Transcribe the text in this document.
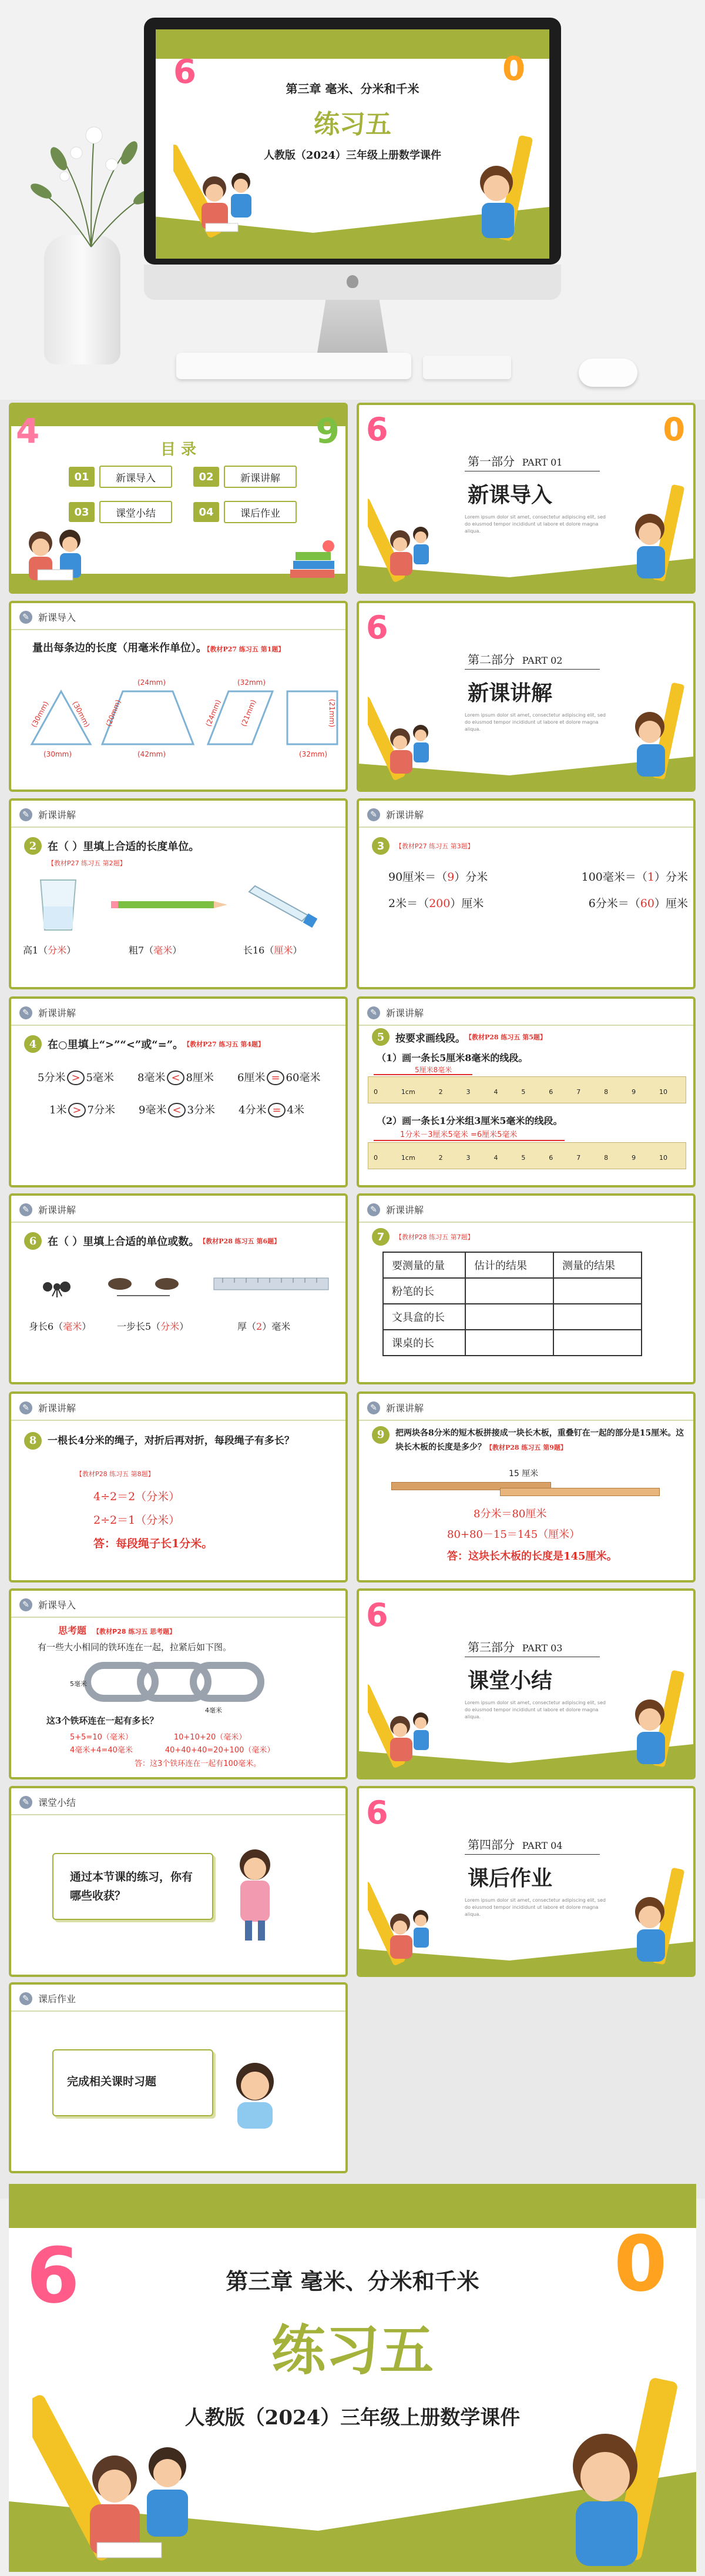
6	0
第三章 毫米、分米和千米
练习五
人教版（2024）三年级上册数学课件
4	9
目 录
01	新课导入	02	新课讲解
03	课堂小结	04	课后作业
6	0
第一部分 PART 01
新课导入
Lorem ipsum dolor sit amet, consectetur adipiscing elit, sed do eiusmod tempor incididunt ut labore et dolore magna aliqua.
✎ 新课导入
量出每条边的长度（用毫米作单位）。【教材P27 练习五 第1题】
(30mm)	(30mm)
(30mm)
(20mm)
(24mm)
(42mm)
(24mm)
(32mm)
(21mm)
(32mm)
(21mm)
6
第二部分 PART 02
新课讲解
Lorem ipsum dolor sit amet, consectetur adipiscing elit, sed do eiusmod tempor incididunt ut labore et dolore magna aliqua.
✎ 新课讲解
2	在（ ）里填上合适的长度单位。
【教材P27 练习五 第2题】
高1（分米）	粗7（毫米）	长16（厘米）
✎ 新课讲解
3	【教材P27 练习五 第3题】
90厘米＝（9）分米	100毫米＝（1）分米
2米＝（200）厘米	6分米＝（60）厘米
✎ 新课讲解
4	在○里填上“>”“<”或“=”。 【教材P27 练习五 第4题】
5分米 > 5毫米 8毫米 < 8厘米 6厘米 = 60毫米
1米 > 7分米 9毫米 < 3分米 4分米 = 4米
✎ 新课讲解
5	按要求画线段。 【教材P28 练习五 第5题】
（1）画一条长5厘米8毫米的线段。
5厘米8毫米
0	1cm	2	3	4	5	6	7	8	9	10
（2）画一条长1分米组3厘米5毫米的线段。
1分米－3厘米5毫米 =6厘米5毫米
0	1cm	2	3	4	5	6	7	8	9	10
✎ 新课讲解
6	在（ ）里填上合适的单位或数。 【教材P28 练习五 第6题】
身长6（毫米）	一步长5（分米）	厚（2）毫米
✎ 新课讲解
7	【教材P28 练习五 第7题】
要测量的量	估计的结果	测量的结果
粉笔的长		
文具盒的长		
课桌的长		
✎ 新课讲解
8 一根长4分米的绳子，对折后再对折，每段绳子有多长？
【教材P28 练习五 第8题】
4÷2＝2（分米）
2÷2＝1（分米）
答：每段绳子长1分米。
✎ 新课讲解
9	把两块各8分米的短木板拼接成一块长木板，重叠钉在一起的部分是15厘米。这块长木板的长度是多少？【教材P28 练习五 第9题】
15 厘米
8分米＝80厘米
80+80－15＝145（厘米）
答：这块长木板的长度是145厘米。
✎ 新课导入
思考题 【教材P28 练习五 思考题】
有一些大小相同的铁环连在一起，拉紧后如下图。
5毫米
4毫米
这3个铁环连在一起有多长？
5+5=10（毫米）	10+10+20（毫米）
4毫米+4=40毫米	40+40+40=20+100（毫米）
答：这3个铁环连在一起有100毫米。
6
第三部分 PART 03
课堂小结
Lorem ipsum dolor sit amet, consectetur adipiscing elit, sed do eiusmod tempor incididunt ut labore et dolore magna aliqua.
✎ 课堂小结
通过本节课的练习，你有哪些收获？
6
第四部分 PART 04
课后作业
Lorem ipsum dolor sit amet, consectetur adipiscing elit, sed do eiusmod tempor incididunt ut labore et dolore magna aliqua.
✎ 课后作业
完成相关课时习题
6	0
第三章 毫米、分米和千米
练习五
人教版（2024）三年级上册数学课件
